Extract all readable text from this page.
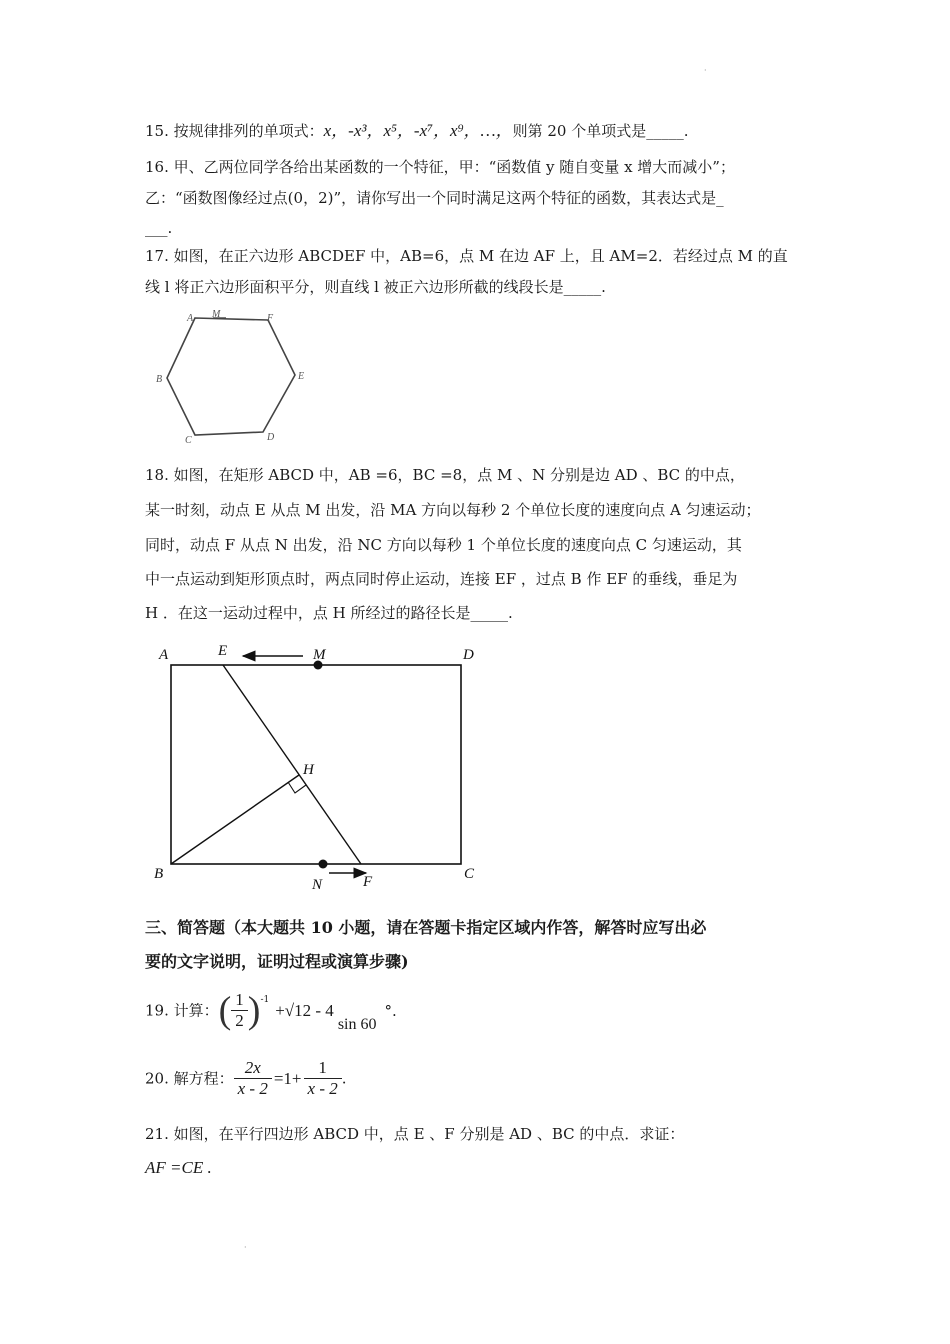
·
15. 按规律排列的单项式：x，-x³，x⁵，-x⁷，x⁹，…，则第 20 个单项式是_____.
16. 甲、乙两位同学各给出某函数的一个特征，甲：“函数值 y 随自变量 x 增大而减小”；
乙：“函数图像经过点(0，2)”，请你写出一个同时满足这两个特征的函数，其表达式是_
___.
17. 如图，在正六边形 ABCDEF 中，AB=6，点 M 在边 AF 上，且 AM=2．若经过点 M 的直
线 l 将正六边形面积平分，则直线 l 被正六边形所截的线段长是_____.
A M	F
B	E
C	D
18. 如图，在矩形 ABCD 中，AB =6，BC =8，点 M 、N 分别是边 AD 、BC 的中点，
某一时刻，动点 E 从点 M 出发，沿 MA 方向以每秒 2 个单位长度的速度向点 A 匀速运动；
同时，动点 F 从点 N 出发，沿 NC 方向以每秒 1 个单位长度的速度向点 C 匀速运动，其
中一点运动到矩形顶点时，两点同时停止运动，连接 EF ，过点 B 作 EF 的垂线，垂足为
H ．在这一运动过程中，点 H 所经过的路径长是_____.
A	E	M	D
H
B
N	F	C
三、简答题（本大题共 10 小题，请在答题卡指定区域内作答，解答时应写出必
要的文字说明，证明过程或演算步骤)
19. 计算：( $\frac{1}{2} )^{-1}+√12 - 4\sin$ 60°.
20. 解方程： $\frac{2x}{x - 2} =1+ \frac{1}{x - 2}$ .
21. 如图，在平行四边形 ABCD 中，点 E 、F 分别是 AD 、BC 的中点．求证：
AF =CE .
·
